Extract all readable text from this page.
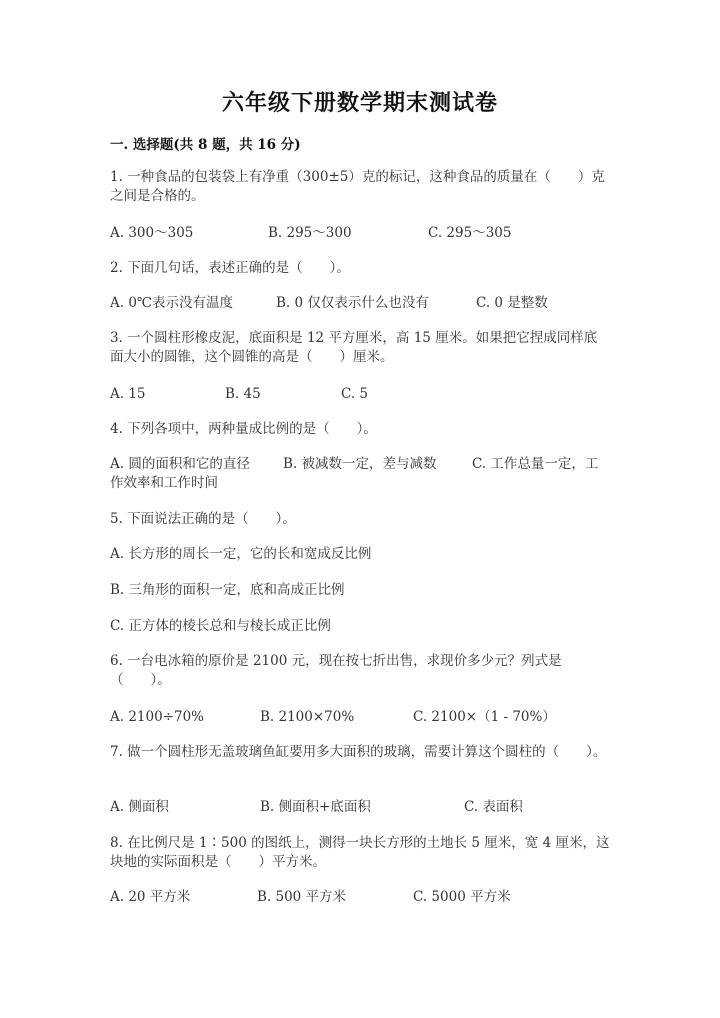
六年级下册数学期末测试卷
一. 选择题(共 8 题，共 16 分)
1. 一种食品的包装袋上有净重（300±5）克的标记，这种食品的质量在（　　）克之间是合格的。
A. 300～305	B. 295～300	C. 295～305
2. 下面几句话，表述正确的是（　　）。
A. 0℃表示没有温度	B. 0 仅仅表示什么也没有	C. 0 是整数
3. 一个圆柱形橡皮泥，底面积是 12 平方厘米，高 15 厘米。如果把它捏成同样底面大小的圆锥，这个圆锥的高是（　　）厘米。
A. 15	B. 45	C. 5
4. 下列各项中，两种量成比例的是（　　）。
A. 圆的面积和它的直径 B. 被减数一定，差与减数	C. 工作总量一定，工
作效率和工作时间
5. 下面说法正确的是（　　）。
A. 长方形的周长一定，它的长和宽成反比例
B. 三角形的面积一定，底和高成正比例
C. 正方体的棱长总和与棱长成正比例
6. 一台电冰箱的原价是 2100 元，现在按七折出售，求现价多少元？列式是（　　）。
A. 2100÷70%	B. 2100×70%	C. 2100×（1 - 70%）
7. 做一个圆柱形无盖玻璃鱼缸要用多大面积的玻璃，需要计算这个圆柱的（　　）。
A. 侧面积	B. 侧面积+底面积	C. 表面积
8. 在比例尺是 1∶500 的图纸上，测得一块长方形的土地长 5 厘米，宽 4 厘米，这块地的实际面积是（　　）平方米。
A. 20 平方米	B. 500 平方米	C. 5000 平方米
